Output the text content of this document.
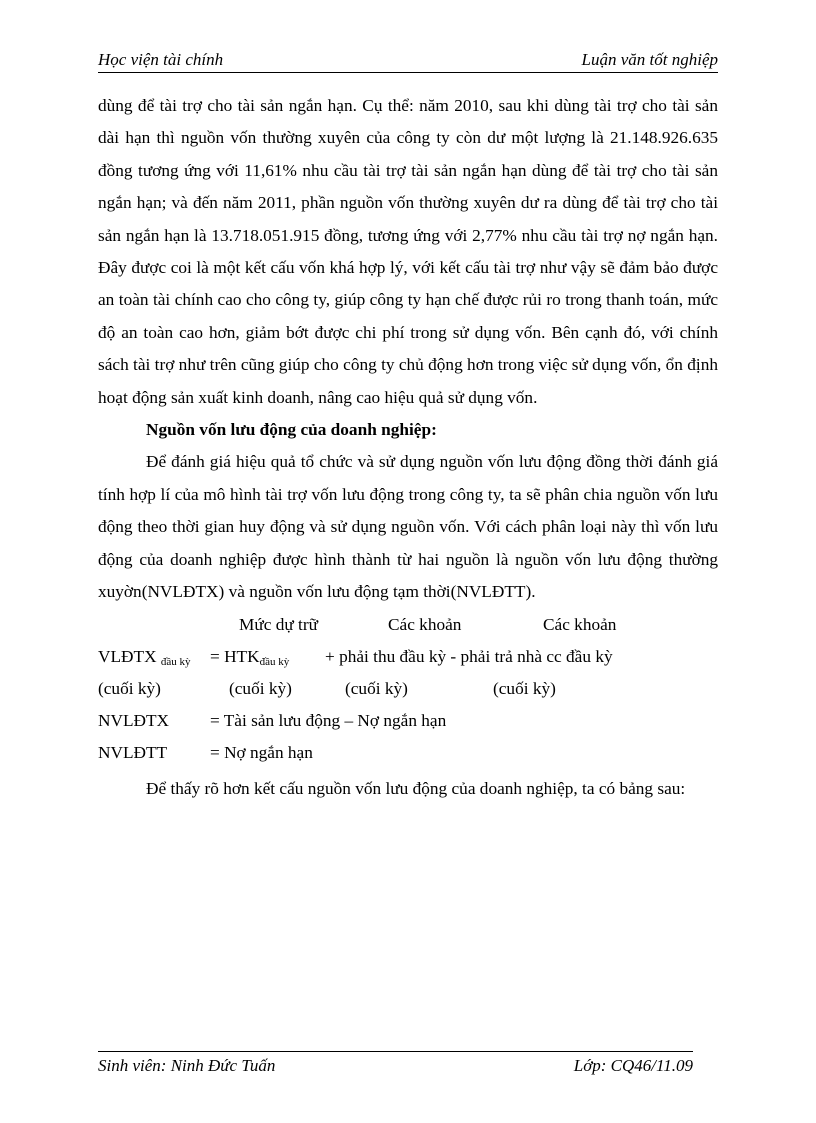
Học viện tài chính	Luận văn tốt nghiệp

dùng để tài trợ cho tài sản ngắn hạn. Cụ thể: năm 2010, sau khi dùng tài trợ cho tài sản dài hạn thì nguồn vốn thường xuyên của công ty còn dư một lượng là 21.148.926.635 đồng tương ứng với 11,61% nhu cầu tài trợ tài sản ngắn hạn dùng để tài trợ cho tài sản ngắn hạn; và đến năm 2011, phần nguồn vốn thường xuyên dư ra dùng để tài trợ cho tài sản ngắn hạn là 13.718.051.915 đồng, tương ứng với 2,77% nhu cầu tài trợ nợ ngắn hạn. Đây được coi là một kết cấu vốn khá hợp lý, với kết cấu tài trợ như vậy sẽ đảm bảo được an toàn tài chính cao cho công ty, giúp công ty hạn chế được rủi ro trong thanh toán, mức độ an toàn cao hơn, giảm bớt được chi phí trong sử dụng vốn. Bên cạnh đó, với chính sách tài trợ như trên cũng giúp cho công ty chủ động hơn trong việc sử dụng vốn, ổn định hoạt động sản xuất kinh doanh, nâng cao hiệu quả sử dụng vốn.

Nguồn vốn lưu động của doanh nghiệp:

Để đánh giá hiệu quả tổ chức và sử dụng nguồn vốn lưu động đồng thời đánh giá tính hợp lí của mô hình tài trợ vốn lưu động trong công ty, ta sẽ phân chia nguồn vốn lưu động theo thời gian huy động và sử dụng nguồn vốn. Với cách phân loại này thì vốn lưu động của doanh nghiệp được hình thành từ hai nguồn là nguồn vốn lưu động thường xuyờn(NVLĐTX) và nguồn vốn lưu động tạm thời(NVLĐTT).

Mức dự trữ	Các khoản	Các khoản
VLĐTX $_{đầu kỳ} = HTK_{đầu kỳ}$ + phải thu đầu kỳ - phải trả nhà cc đầu kỳ
(cuối kỳ)	(cuối kỳ)	(cuối kỳ)	(cuối kỳ)
NVLĐTX = Tài sản lưu động – Nợ ngắn hạn
NVLĐTT = Nợ ngắn hạn

Để thấy rõ hơn kết cấu nguồn vốn lưu động của doanh nghiệp, ta có bảng sau:

Sinh viên: Ninh Đức Tuấn	Lớp: CQ46/11.09
